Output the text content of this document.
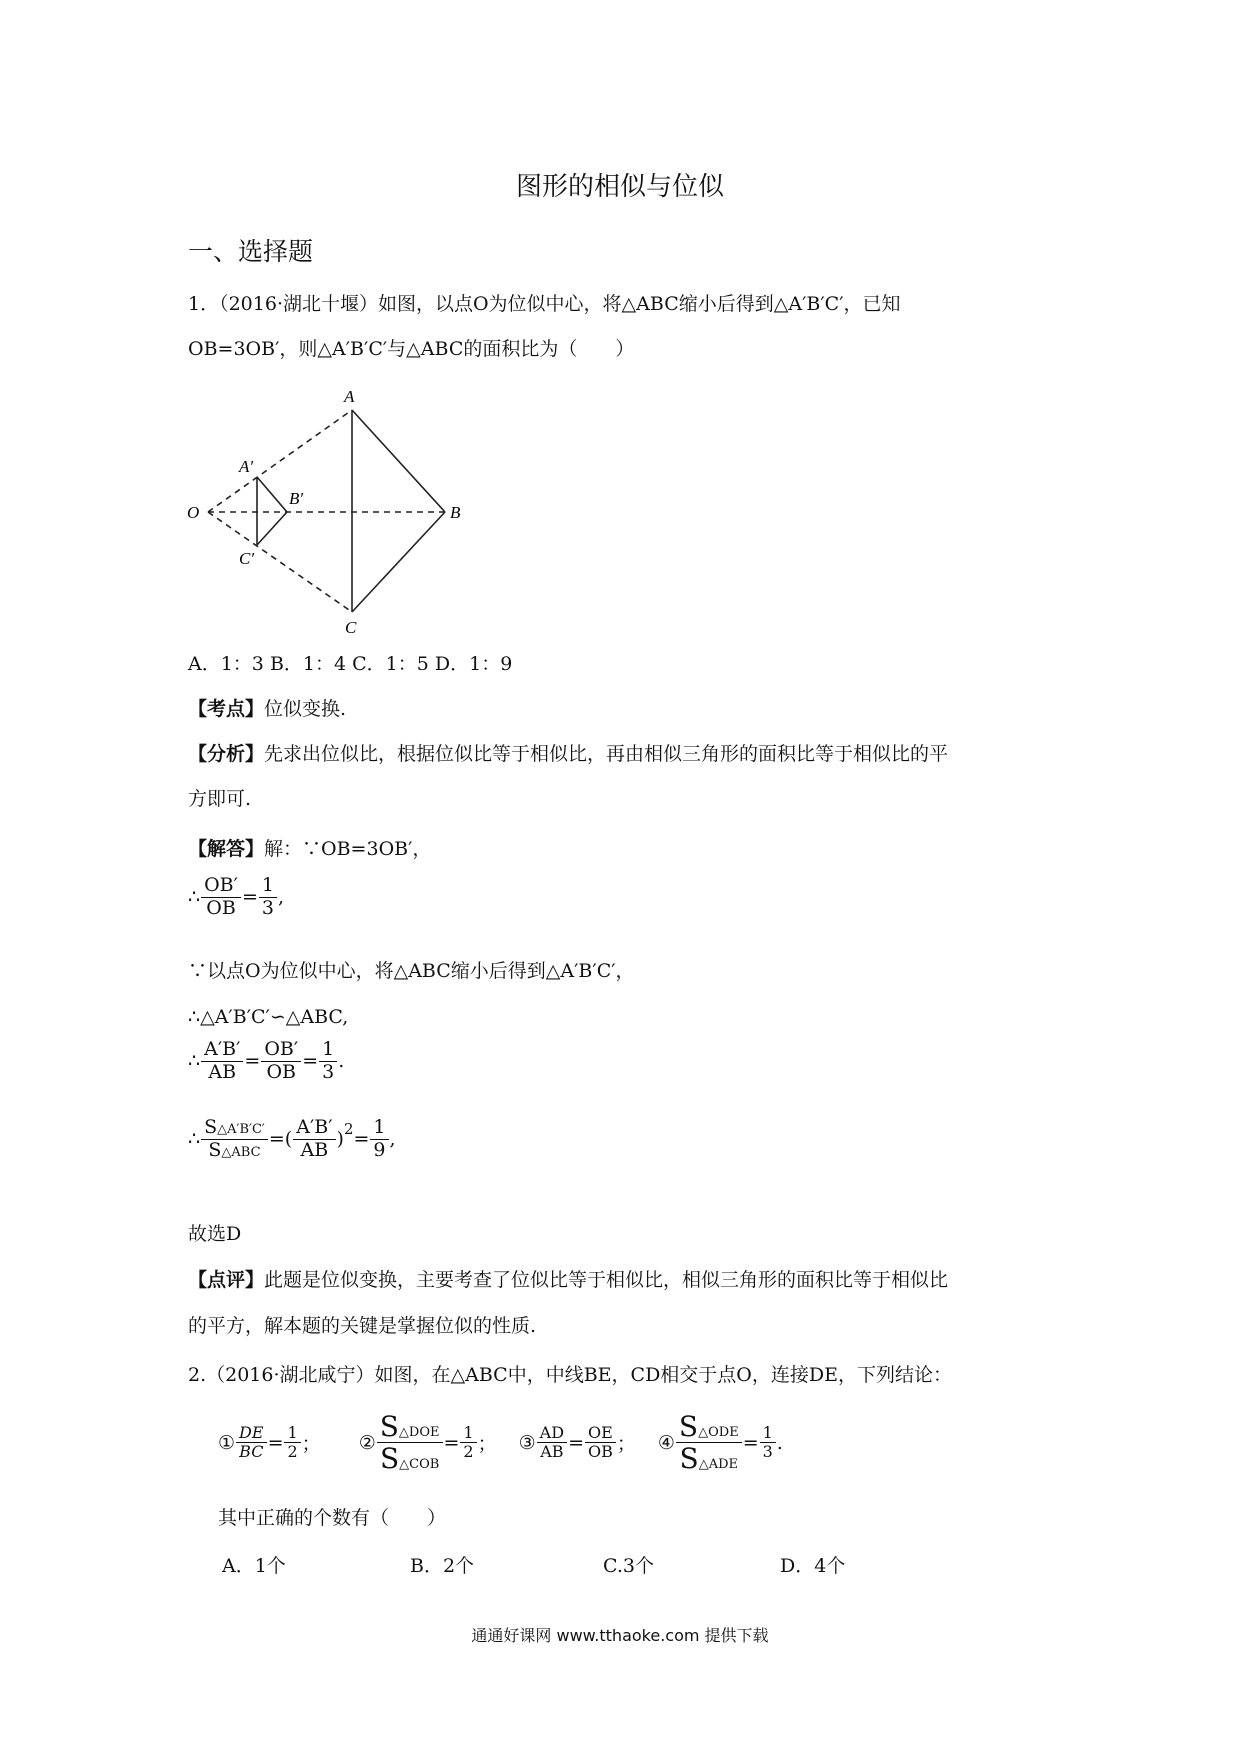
图形的相似与位似
一、选择题
1．（2016·湖北十堰）如图，以点O为位似中心，将△ABC缩小后得到△A′B′C′，已知
OB=3OB′，则△A′B′C′与△ABC的面积比为（　　）
A
A′
B′
B
O
C′
C
A．1：3 B．1：4 C．1：5 D．1：9
【考点】位似变换.
【分析】先求出位似比，根据位似比等于相似比，再由相似三角形的面积比等于相似比的平
方即可.
【解答】解：∵OB=3OB′，
∴ $\frac{OB'}{OB} = \frac{1}{3}$ ,
∵以点O为位似中心，将△ABC缩小后得到△A′B′C′，
∴△A′B′C′∽△ABC,
∴ $\frac{A'B'}{AB} = \frac{OB'}{OB} = \frac{1}{3}$ .
∴ $\frac{S\triangle A'B'C'}{\text{S△ABC}}$ =( $\frac{A'B'}{AB}$ ) $2 = \frac{1}{9}$ ,
故选D
【点评】此题是位似变换，主要考查了位似比等于相似比，相似三角形的面积比等于相似比
的平方，解本题的关键是掌握位似的性质.
2.（2016·湖北咸宁）如图，在△ABC中，中线BE，CD相交于点O，连接DE，下列结论：
① $\frac{DE}{BC} = \frac{1}{2}$ ； ② $\frac{\text{S△DOE}}{\text{S△COB}} = \frac{1}{2}$ ； ③ $\frac{AD}{AB} = \frac{OE}{OB}$ ； ④ $\frac{\text{S△ODE}}{\text{S△ADE}} = \frac{1}{3}$ .
其中正确的个数有（　　）
A．1个	B．2个	C.3个	D．4个
通通好课网 www.tthaoke.com 提供下载
